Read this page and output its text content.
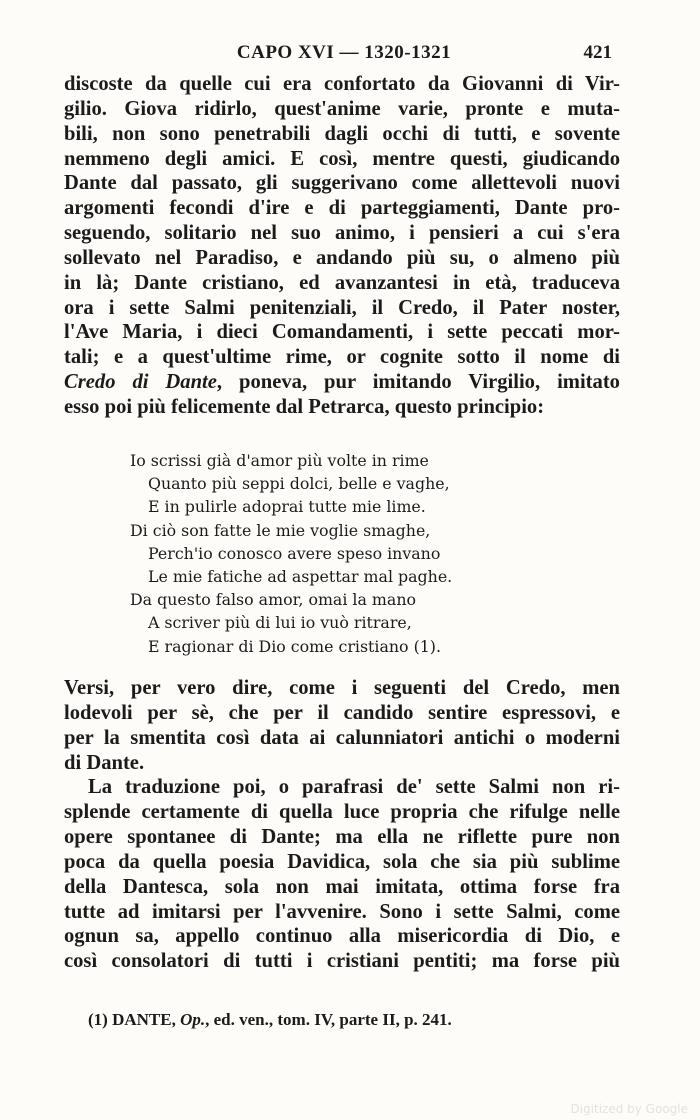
CAPO XVI — 1320-1321	421
discoste da quelle cui era confortato da Giovanni di Vir-
gilio. Giova ridirlo, quest'anime varie, pronte e muta-
bili, non sono penetrabili dagli occhi di tutti, e sovente
nemmeno degli amici. E così, mentre questi, giudicando
Dante dal passato, gli suggerivano come allettevoli nuovi
argomenti fecondi d'ire e di parteggiamenti, Dante pro-
seguendo, solitario nel suo animo, i pensieri a cui s'era
sollevato nel Paradiso, e andando più su, o almeno più
in là; Dante cristiano, ed avanzantesi in età, traduceva
ora i sette Salmi penitenziali, il Credo, il Pater noster,
l'Ave Maria, i dieci Comandamenti, i sette peccati mor-
tali; e a quest'ultime rime, or cognite sotto il nome di
Credo di Dante, poneva, pur imitando Virgilio, imitato
esso poi più felicemente dal Petrarca, questo principio:
Io scrissi già d'amor più volte in rime
Quanto più seppi dolci, belle e vaghe,
E in pulirle adoprai tutte mie lime.
Di ciò son fatte le mie voglie smaghe,
Perch'io conosco avere speso invano
Le mie fatiche ad aspettar mal paghe.
Da questo falso amor, omai la mano
A scriver più di lui io vuò ritrare,
E ragionar di Dio come cristiano (1).
Versi, per vero dire, come i seguenti del Credo, men
lodevoli per sè, che per il candido sentire espressovi, e
per la smentita così data ai calunniatori antichi o moderni
di Dante.
La traduzione poi, o parafrasi de' sette Salmi non ri-
splende certamente di quella luce propria che rifulge nelle
opere spontanee di Dante; ma ella ne riflette pure non
poca da quella poesia Davidica, sola che sia più sublime
della Dantesca, sola non mai imitata, ottima forse fra
tutte ad imitarsi per l'avvenire. Sono i sette Salmi, come
ognun sa, appello continuo alla misericordia di Dio, e
così consolatori di tutti i cristiani pentiti; ma forse più
(1) DANTE, Op., ed. ven., tom. IV, parte II, p. 241.
Digitized by Google
